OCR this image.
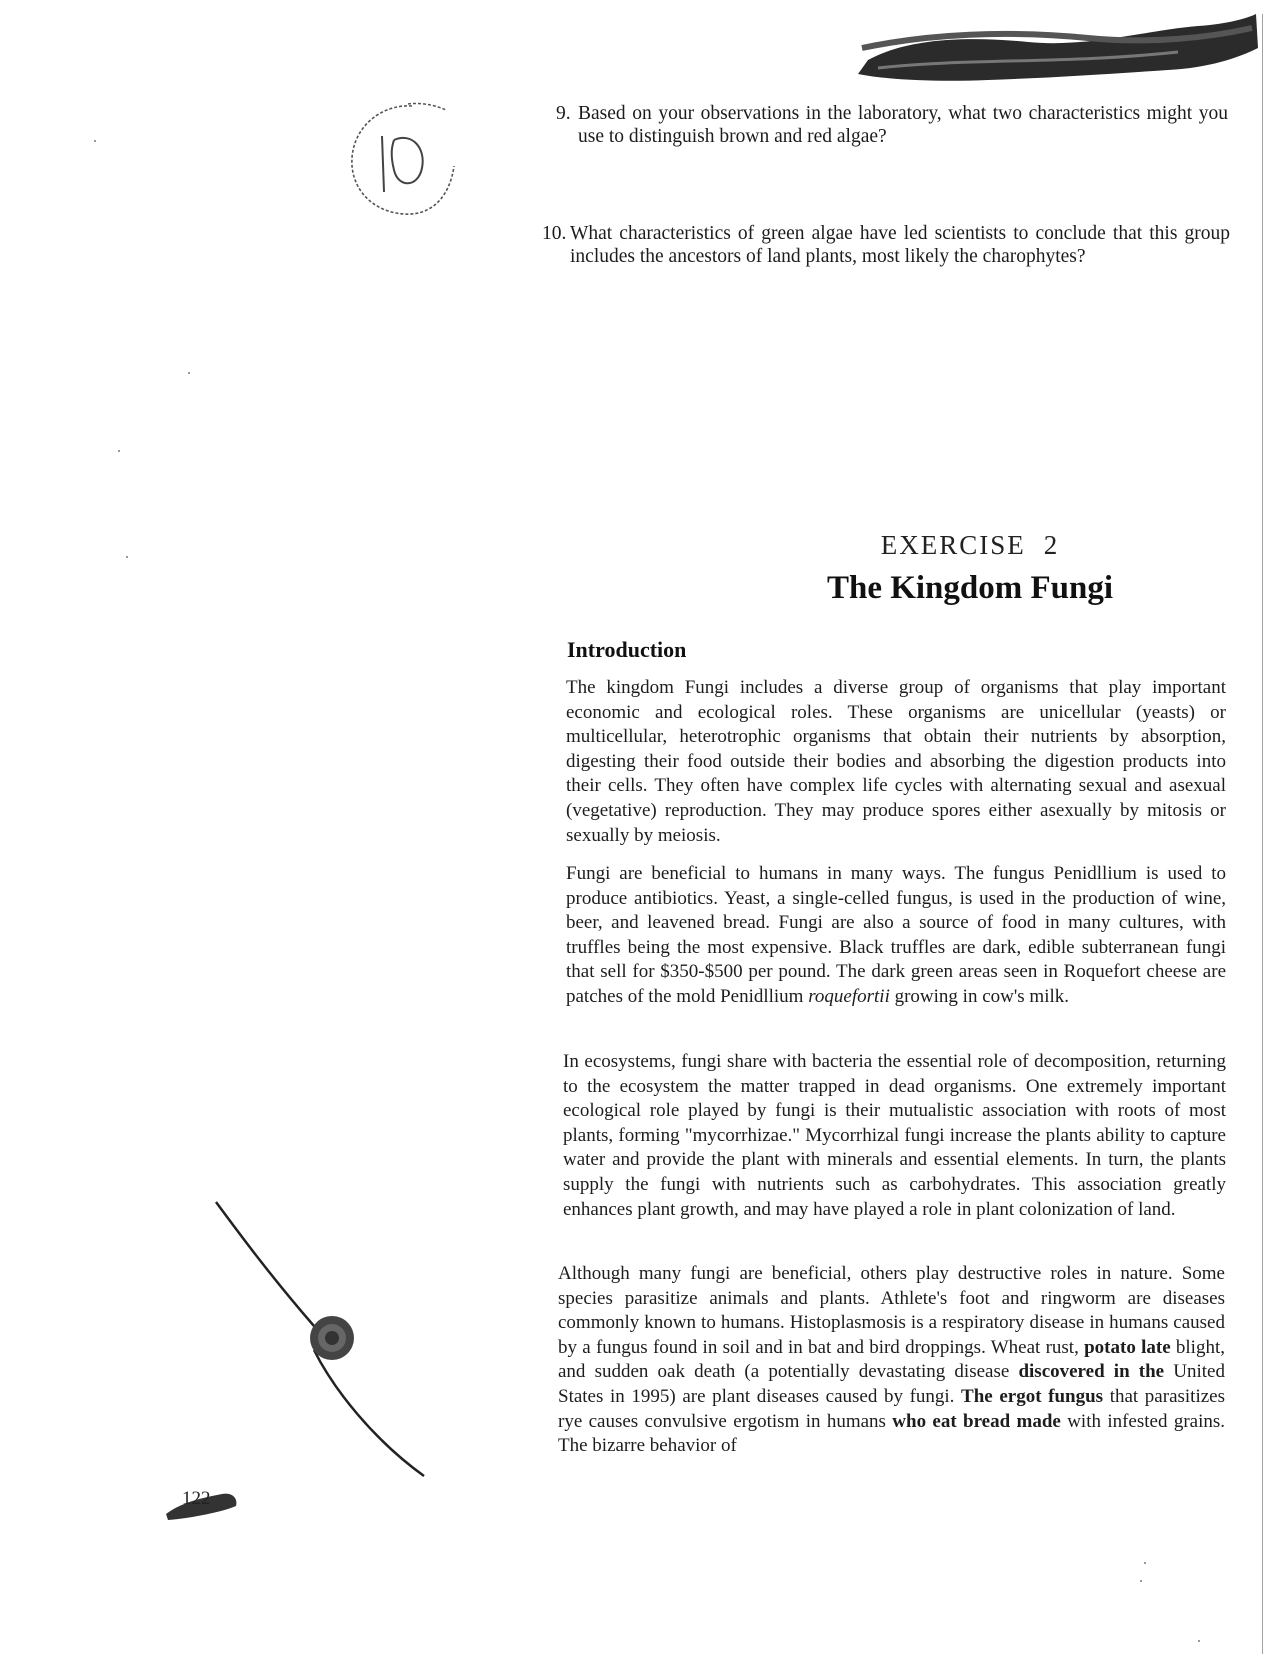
122
9. Based on your observations in the laboratory, what two characteristics might you use to distinguish brown and red algae?
10. What characteristics of green algae have led scientists to conclude that this group includes the ancestors of land plants, most likely the charophytes?
EXERCISE 2
The Kingdom Fungi
Introduction
The kingdom Fungi includes a diverse group of organisms that play important economic and ecological roles. These organisms are unicellular (yeasts) or multicellular, heterotrophic organisms that obtain their nutrients by absorption, digesting their food outside their bodies and absorbing the digestion products into their cells. They often have complex life cycles with alternating sexual and asexual (vegetative) reproduction. They may produce spores either asexually by mitosis or sexually by meiosis.
Fungi are beneficial to humans in many ways. The fungus Penidllium is used to produce antibiotics. Yeast, a single-celled fungus, is used in the production of wine, beer, and leavened bread. Fungi are also a source of food in many cultures, with truffles being the most expensive. Black truffles are dark, edible subterranean fungi that sell for $350-$500 per pound. The dark green areas seen in Roquefort cheese are patches of the mold Penidllium roquefortii growing in cow's milk.
In ecosystems, fungi share with bacteria the essential role of decomposition, returning to the ecosystem the matter trapped in dead organisms. One extremely important ecological role played by fungi is their mutualistic association with roots of most plants, forming "mycorrhizae." Mycorrhizal fungi increase the plants ability to capture water and provide the plant with minerals and essential elements. In turn, the plants supply the fungi with nutrients such as carbohydrates. This association greatly enhances plant growth, and may have played a role in plant colonization of land.
Although many fungi are beneficial, others play destructive roles in nature. Some species parasitize animals and plants. Athlete's foot and ringworm are diseases commonly known to humans. Histoplasmosis is a respiratory disease in humans caused by a fungus found in soil and in bat and bird droppings. Wheat rust, potato late blight, and sudden oak death (a potentially devastating disease discovered in the United States in 1995) are plant diseases caused by fungi. The ergot fungus that parasitizes rye causes convulsive ergotism in humans who eat bread made with infested grains. The bizarre behavior of
